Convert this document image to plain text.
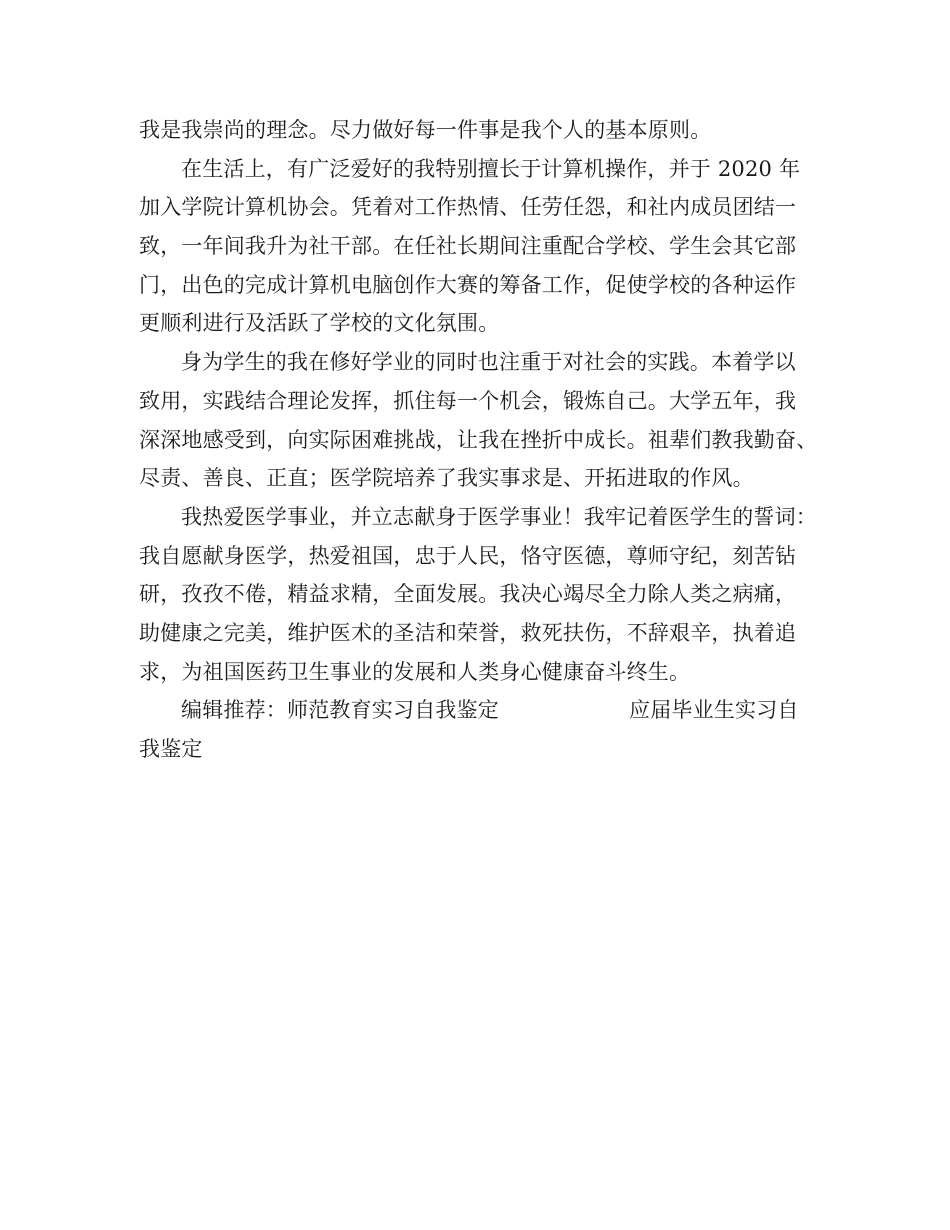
我是我崇尚的理念。尽力做好每一件事是我个人的基本原则。
在生活上，有广泛爱好的我特别擅长于计算机操作，并于 2020 年
加入学院计算机协会。凭着对工作热情、任劳任怨，和社内成员团结一
致，一年间我升为社干部。在任社长期间注重配合学校、学生会其它部
门，出色的完成计算机电脑创作大赛的筹备工作，促使学校的各种运作
更顺利进行及活跃了学校的文化氛围。
身为学生的我在修好学业的同时也注重于对社会的实践。本着学以
致用，实践结合理论发挥，抓住每一个机会，锻炼自己。大学五年，我
深深地感受到，向实际困难挑战，让我在挫折中成长。祖辈们教我勤奋、
尽责、善良、正直；医学院培养了我实事求是、开拓进取的作风。
我热爱医学事业，并立志献身于医学事业！我牢记着医学生的誓词：
我自愿献身医学，热爱祖国，忠于人民，恪守医德，尊师守纪，刻苦钻
研，孜孜不倦，精益求精，全面发展。我决心竭尽全力除人类之病痛，
助健康之完美，维护医术的圣洁和荣誉，救死扶伤，不辞艰辛，执着追
求，为祖国医药卫生事业的发展和人类身心健康奋斗终生。
编辑推荐：师范教育实习自我鉴定	应届毕业生实习自
我鉴定
